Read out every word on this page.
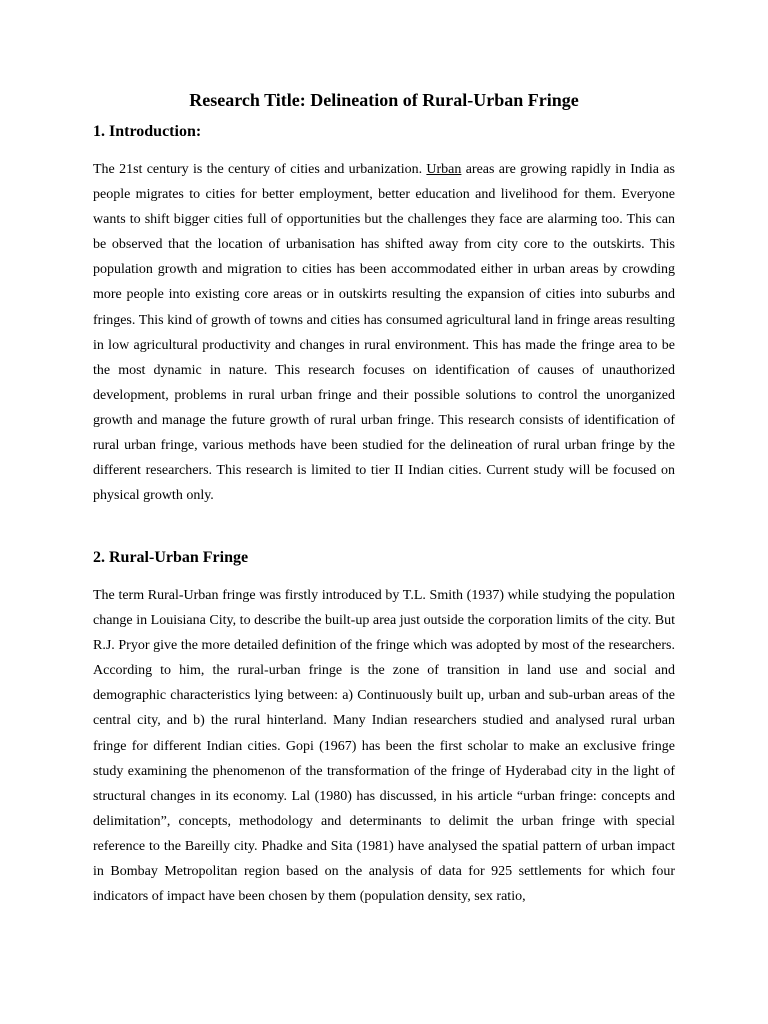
Research Title: Delineation of Rural-Urban Fringe
1. Introduction:

The 21st century is the century of cities and urbanization. Urban areas are growing rapidly in India as people migrates to cities for better employment, better education and livelihood for them. Everyone wants to shift bigger cities full of opportunities but the challenges they face are alarming too. This can be observed that the location of urbanisation has shifted away from city core to the outskirts. This population growth and migration to cities has been accommodated either in urban areas by crowding more people into existing core areas or in outskirts resulting the expansion of cities into suburbs and fringes. This kind of growth of towns and cities has consumed agricultural land in fringe areas resulting in low agricultural productivity and changes in rural environment. This has made the fringe area to be the most dynamic in nature. This research focuses on identification of causes of unauthorized development, problems in rural urban fringe and their possible solutions to control the unorganized growth and manage the future growth of rural urban fringe. This research consists of identification of rural urban fringe, various methods have been studied for the delineation of rural urban fringe by the different researchers. This research is limited to tier II Indian cities. Current study will be focused on physical growth only.

2. Rural-Urban Fringe

The term Rural-Urban fringe was firstly introduced by T.L. Smith (1937) while studying the population change in Louisiana City, to describe the built-up area just outside the corporation limits of the city. But R.J. Pryor give the more detailed definition of the fringe which was adopted by most of the researchers. According to him, the rural-urban fringe is the zone of transition in land use and social and demographic characteristics lying between: a) Continuously built up, urban and sub-urban areas of the central city, and b) the rural hinterland. Many Indian researchers studied and analysed rural urban fringe for different Indian cities. Gopi (1967) has been the first scholar to make an exclusive fringe study examining the phenomenon of the transformation of the fringe of Hyderabad city in the light of structural changes in its economy. Lal (1980) has discussed, in his article “urban fringe: concepts and delimitation”, concepts, methodology and determinants to delimit the urban fringe with special reference to the Bareilly city. Phadke and Sita (1981) have analysed the spatial pattern of urban impact in Bombay Metropolitan region based on the analysis of data for 925 settlements for which four indicators of impact have been chosen by them (population density, sex ratio,
